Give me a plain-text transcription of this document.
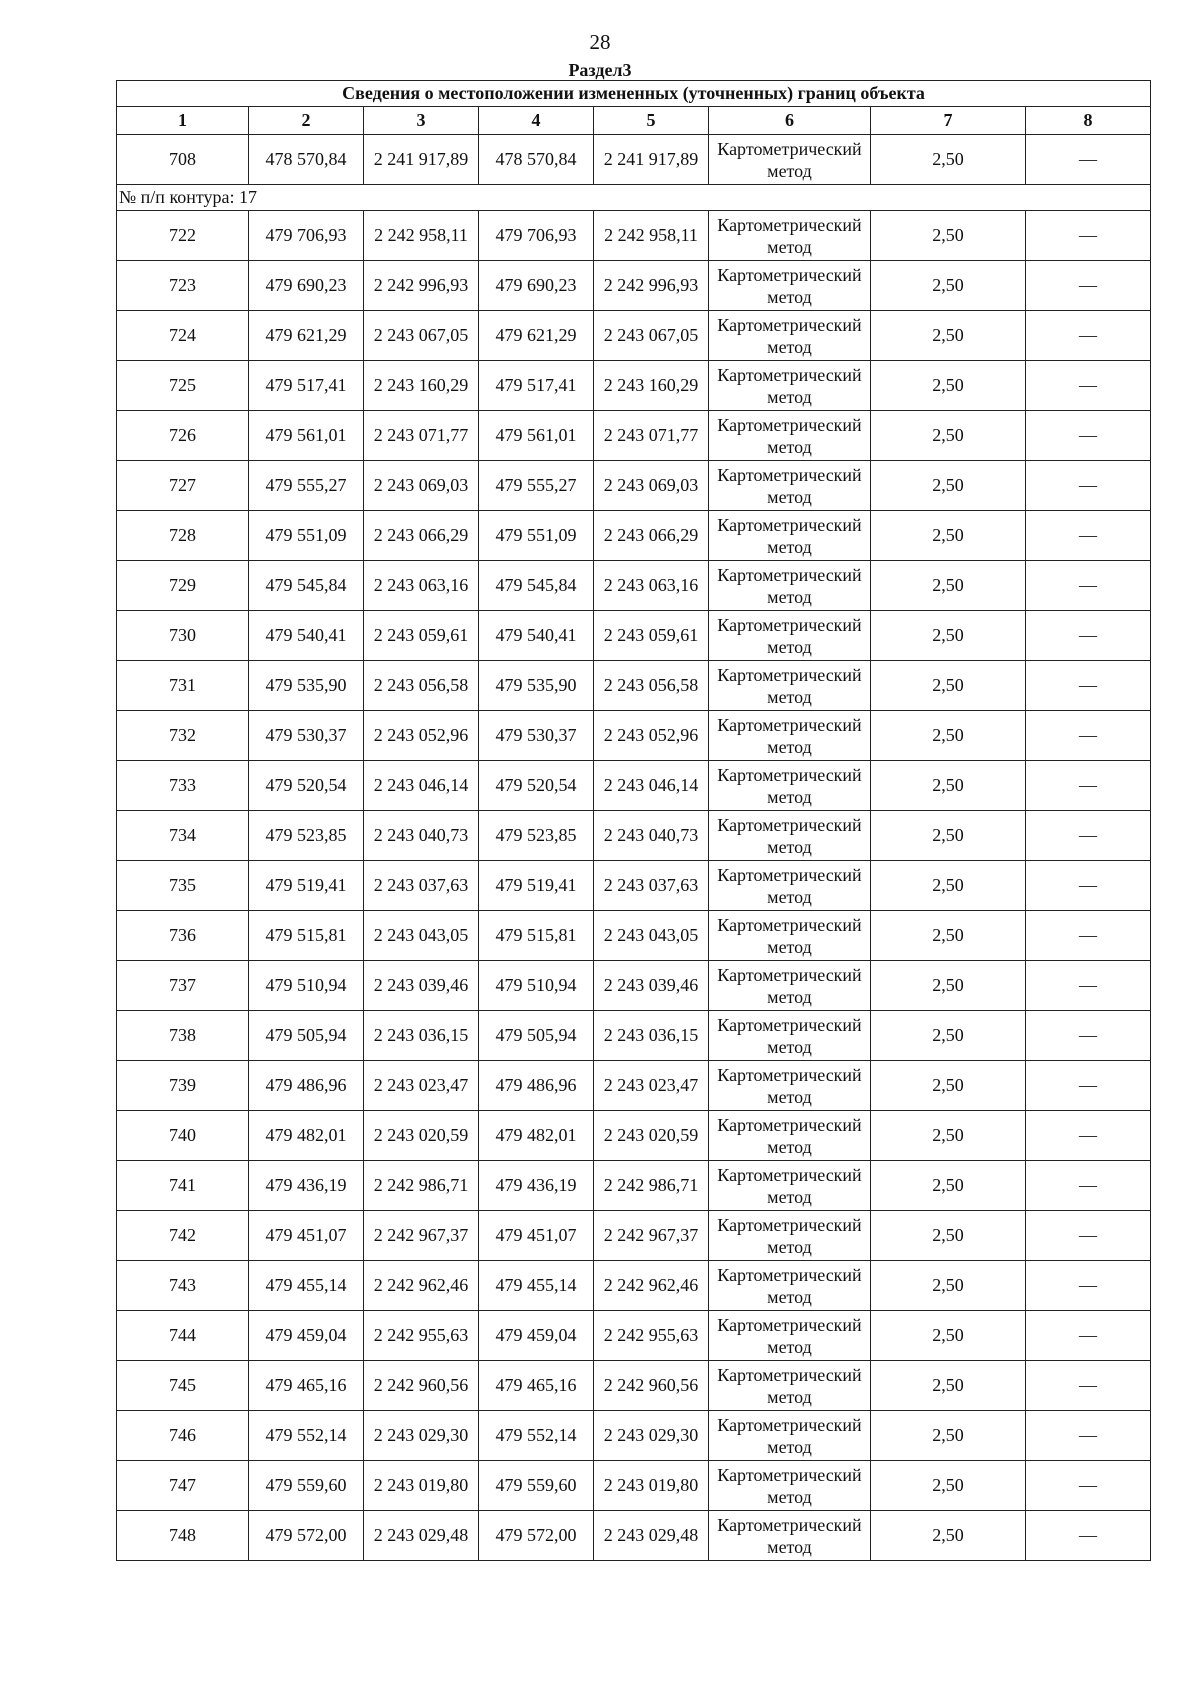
28
Раздел3
Сведения о местоположении измененных (уточненных) границ объекта							
1	2	3	4	5	6	7	8
708	478 570,84	2 241 917,89	478 570,84	2 241 917,89	Картометрический метод	2,50	—
№ п/п контура: 17							
722	479 706,93	2 242 958,11	479 706,93	2 242 958,11	Картометрический метод	2,50	—
723	479 690,23	2 242 996,93	479 690,23	2 242 996,93	Картометрический метод	2,50	—
724	479 621,29	2 243 067,05	479 621,29	2 243 067,05	Картометрический метод	2,50	—
725	479 517,41	2 243 160,29	479 517,41	2 243 160,29	Картометрический метод	2,50	—
726	479 561,01	2 243 071,77	479 561,01	2 243 071,77	Картометрический метод	2,50	—
727	479 555,27	2 243 069,03	479 555,27	2 243 069,03	Картометрический метод	2,50	—
728	479 551,09	2 243 066,29	479 551,09	2 243 066,29	Картометрический метод	2,50	—
729	479 545,84	2 243 063,16	479 545,84	2 243 063,16	Картометрический метод	2,50	—
730	479 540,41	2 243 059,61	479 540,41	2 243 059,61	Картометрический метод	2,50	—
731	479 535,90	2 243 056,58	479 535,90	2 243 056,58	Картометрический метод	2,50	—
732	479 530,37	2 243 052,96	479 530,37	2 243 052,96	Картометрический метод	2,50	—
733	479 520,54	2 243 046,14	479 520,54	2 243 046,14	Картометрический метод	2,50	—
734	479 523,85	2 243 040,73	479 523,85	2 243 040,73	Картометрический метод	2,50	—
735	479 519,41	2 243 037,63	479 519,41	2 243 037,63	Картометрический метод	2,50	—
736	479 515,81	2 243 043,05	479 515,81	2 243 043,05	Картометрический метод	2,50	—
737	479 510,94	2 243 039,46	479 510,94	2 243 039,46	Картометрический метод	2,50	—
738	479 505,94	2 243 036,15	479 505,94	2 243 036,15	Картометрический метод	2,50	—
739	479 486,96	2 243 023,47	479 486,96	2 243 023,47	Картометрический метод	2,50	—
740	479 482,01	2 243 020,59	479 482,01	2 243 020,59	Картометрический метод	2,50	—
741	479 436,19	2 242 986,71	479 436,19	2 242 986,71	Картометрический метод	2,50	—
742	479 451,07	2 242 967,37	479 451,07	2 242 967,37	Картометрический метод	2,50	—
743	479 455,14	2 242 962,46	479 455,14	2 242 962,46	Картометрический метод	2,50	—
744	479 459,04	2 242 955,63	479 459,04	2 242 955,63	Картометрический метод	2,50	—
745	479 465,16	2 242 960,56	479 465,16	2 242 960,56	Картометрический метод	2,50	—
746	479 552,14	2 243 029,30	479 552,14	2 243 029,30	Картометрический метод	2,50	—
747	479 559,60	2 243 019,80	479 559,60	2 243 019,80	Картометрический метод	2,50	—
748	479 572,00	2 243 029,48	479 572,00	2 243 029,48	Картометрический метод	2,50	—
